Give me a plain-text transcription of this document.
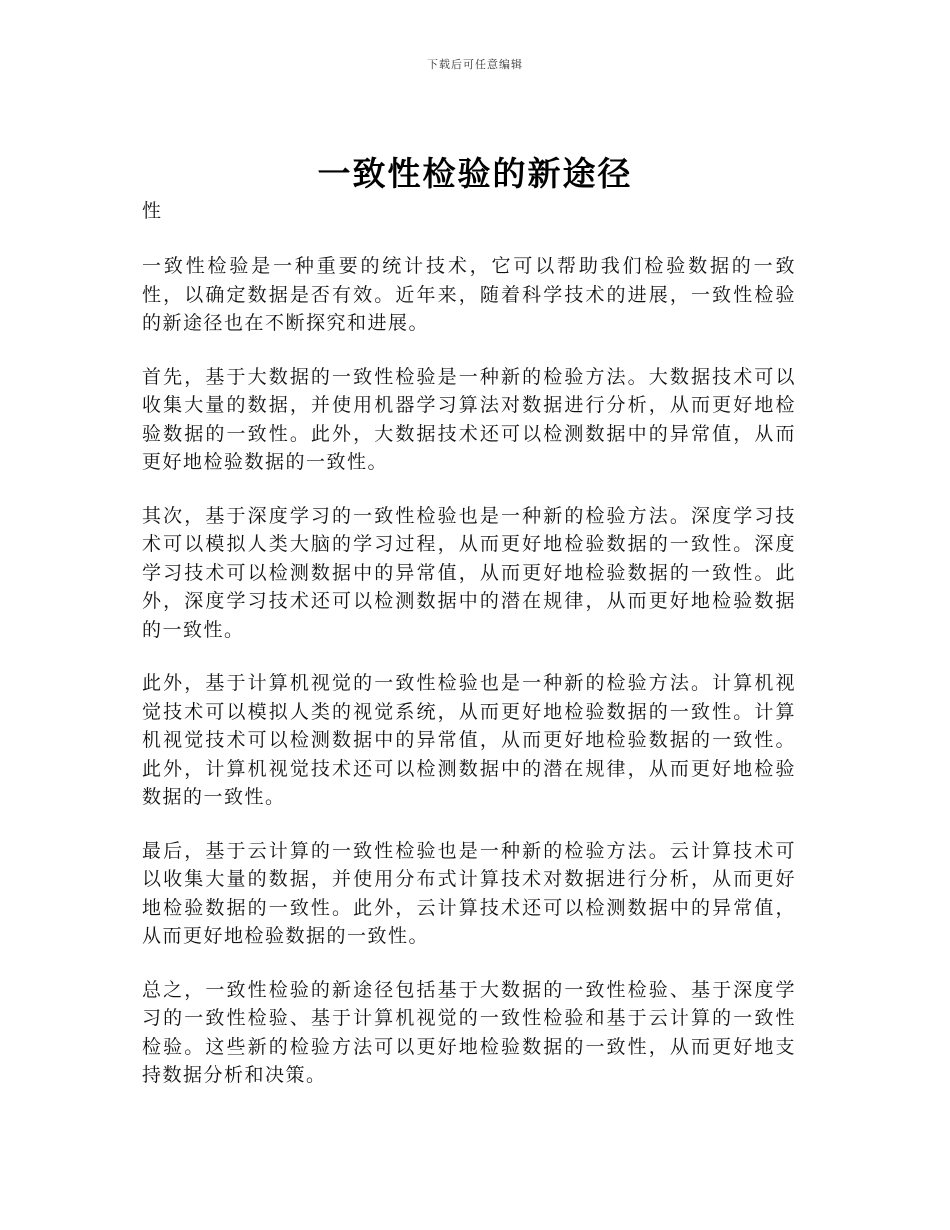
下载后可任意编辑
一致性检验的新途径

性

一致性检验是一种重要的统计技术，它可以帮助我们检验数据的一致性，以确定数据是否有效。近年来，随着科学技术的进展，一致性检验的新途径也在不断探究和进展。

首先，基于大数据的一致性检验是一种新的检验方法。大数据技术可以收集大量的数据，并使用机器学习算法对数据进行分析，从而更好地检验数据的一致性。此外，大数据技术还可以检测数据中的异常值，从而更好地检验数据的一致性。

其次，基于深度学习的一致性检验也是一种新的检验方法。深度学习技术可以模拟人类大脑的学习过程，从而更好地检验数据的一致性。深度学习技术可以检测数据中的异常值，从而更好地检验数据的一致性。此外，深度学习技术还可以检测数据中的潜在规律，从而更好地检验数据的一致性。

此外，基于计算机视觉的一致性检验也是一种新的检验方法。计算机视觉技术可以模拟人类的视觉系统，从而更好地检验数据的一致性。计算机视觉技术可以检测数据中的异常值，从而更好地检验数据的一致性。此外，计算机视觉技术还可以检测数据中的潜在规律，从而更好地检验数据的一致性。

最后，基于云计算的一致性检验也是一种新的检验方法。云计算技术可以收集大量的数据，并使用分布式计算技术对数据进行分析，从而更好地检验数据的一致性。此外，云计算技术还可以检测数据中的异常值，从而更好地检验数据的一致性。

总之，一致性检验的新途径包括基于大数据的一致性检验、基于深度学习的一致性检验、基于计算机视觉的一致性检验和基于云计算的一致性检验。这些新的检验方法可以更好地检验数据的一致性，从而更好地支持数据分析和决策。
